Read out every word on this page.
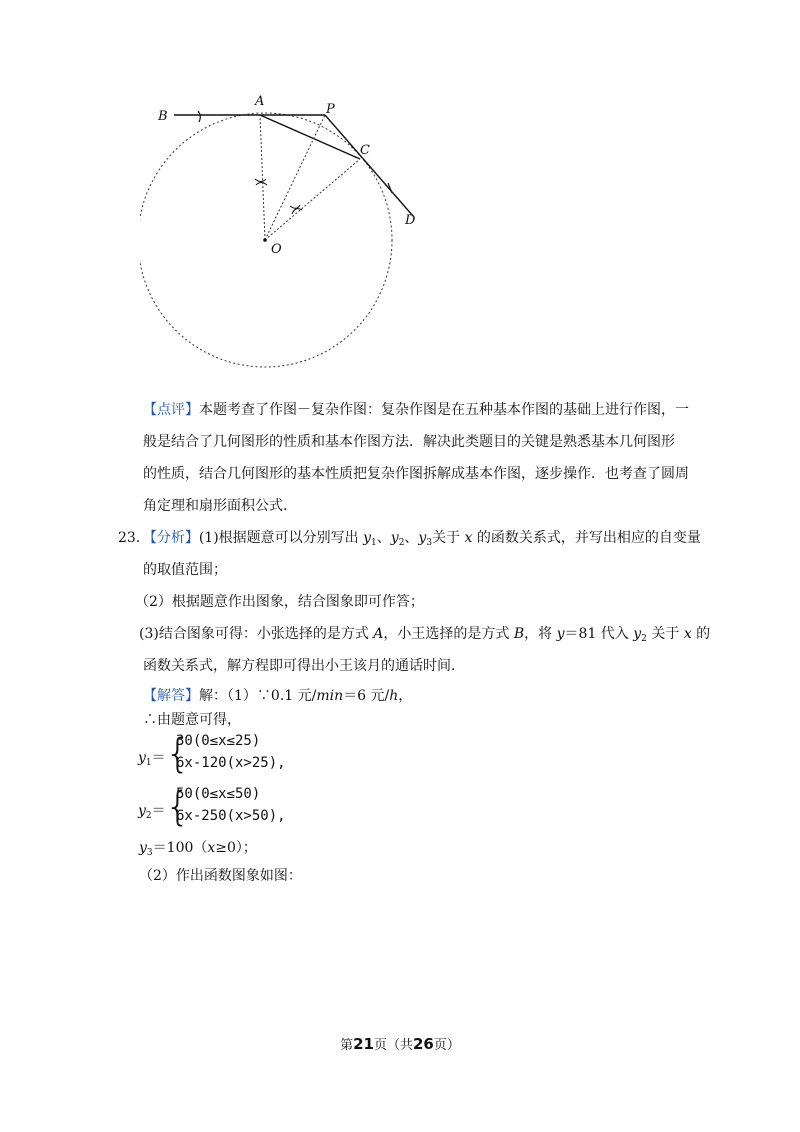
B
A
P
C
D
O
【点评】本题考查了作图－复杂作图：复杂作图是在五种基本作图的基础上进行作图，一
般是结合了几何图形的性质和基本作图方法．解决此类题目的关键是熟悉基本几何图形
的性质，结合几何图形的基本性质把复杂作图拆解成基本作图，逐步操作．也考查了圆周
角定理和扇形面积公式．
23．【分析】(1)根据题意可以分别写出 $y_1$、$y_2$、$y_3$关于 x 的函数关系式，并写出相应的自变量
的取值范围；
（2）根据题意作出图象，结合图象即可作答；
(3)结合图象可得：小张选择的是方式 A，小王选择的是方式 B，将 y＝81 代入 $y_2$ 关于 x 的
函数关系式，解方程即可得出小王该月的通话时间．
【解答】解：（1）∵0.1 元/min＝6 元/h，
∴由题意可得，
$y_1=$ {
30(0≤x≤25)
6x-120(x>25),
$y_2=$ {
50(0≤x≤50)
6x-250(x>50),
$y_3=100(x\ge 0)$；
（2）作出函数图象如图：
第21页（共26页）
